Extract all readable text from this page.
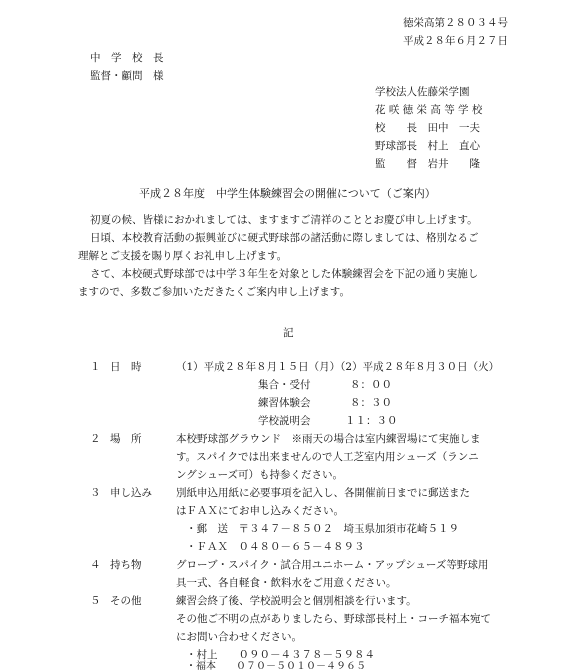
徳栄高第２８０３４号
平成２８年６月２７日
中　学　校　長
監督・顧問　様
学校法人佐藤栄学園
花 咲 徳 栄 高 等 学 校
校　　長　田中　一夫
野球部長　村上　直心
監　　督　岩井　　隆
平成２８年度　中学生体験練習会の開催について（ご案内）
初夏の候、皆様におかれましては、ますますご清祥のこととお慶び申し上げます。
日頃、本校教育活動の振興並びに硬式野球部の諸活動に際しましては、格別なるご
理解とご支援を賜り厚くお礼申し上げます。
さて、本校硬式野球部では中学３年生を対象とした体験練習会を下記の通り実施し
ますので、多数ご参加いただきたくご案内申し上げます。
記
１ 日　時	（1）平成２８年８月１５日（月）（2）平成２８年８月３０日（火）
集合・受付	８：００
練習体験会	８：３０
学校説明会	１１：３０
２ 場　所	本校野球部グラウンド　※雨天の場合は室内練習場にて実施しま
す。スパイクでは出来ませんので人工芝室内用シューズ（ランニ
ングシューズ可）も持参ください。
３ 申し込み 別紙申込用紙に必要事項を記入し、各開催前日までに郵送また
はＦＡＸにてお申し込みください。
・郵　送　〒３４７－８５０２　埼玉県加須市花崎５１９
・ＦＡＸ　０４８０－６５－４８９３
４ 持ち物	グローブ・スパイク・試合用ユニホーム・アップシューズ等野球用
具一式、各自軽食・飲料水をご用意ください。
５ その他	練習会終了後、学校説明会と個別相談を行います。
その他ご不明の点がありましたら、野球部長村上・コーチ福本宛て
にお問い合わせください。
・村上　　０９０－４３７８－５９８４
・福本　　０７０－５０１０－４９６５
